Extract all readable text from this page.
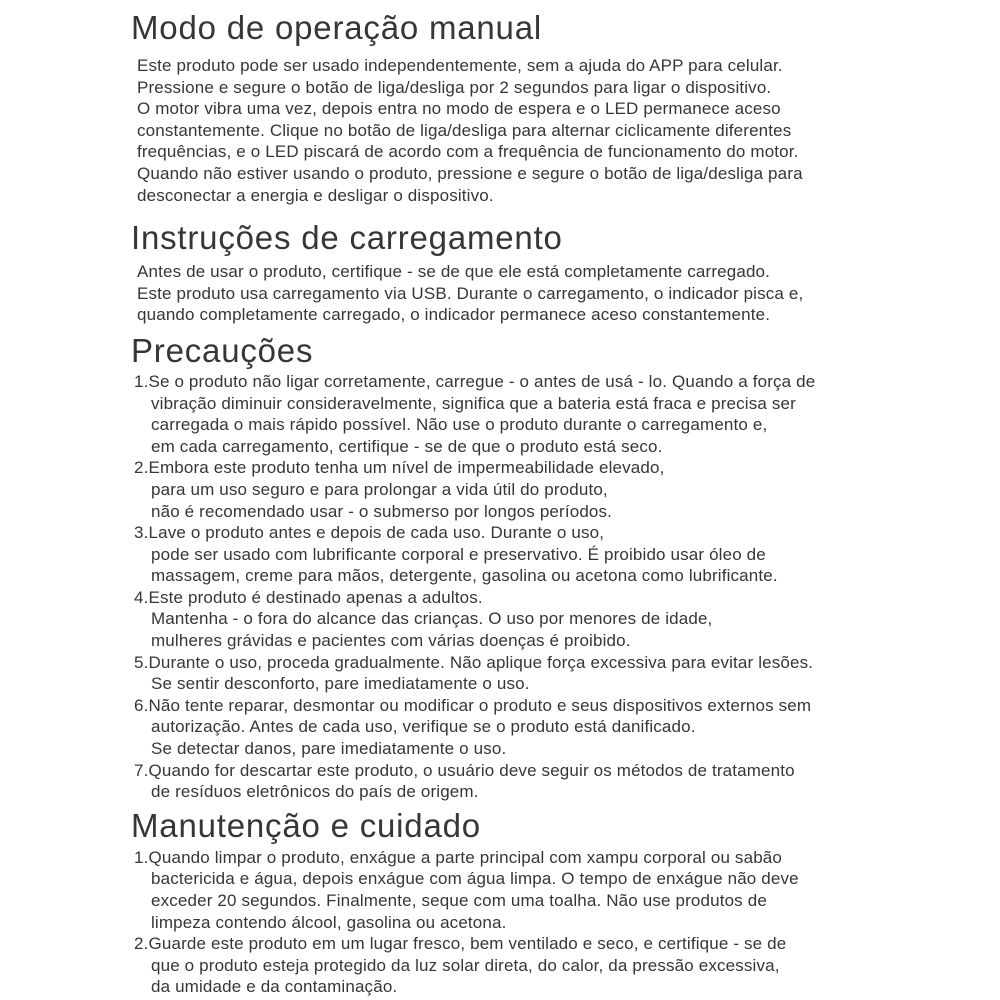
Modo de operação manual

Este produto pode ser usado independentemente, sem a ajuda do APP para celular.
Pressione e segure o botão de liga/desliga por 2 segundos para ligar o dispositivo.
O motor vibra uma vez, depois entra no modo de espera e o LED permanece aceso
constantemente. Clique no botão de liga/desliga para alternar ciclicamente diferentes
frequências, e o LED piscará de acordo com a frequência de funcionamento do motor.
Quando não estiver usando o produto, pressione e segure o botão de liga/desliga para
desconectar a energia e desligar o dispositivo.

Instruções de carregamento

Antes de usar o produto, certifique - se de que ele está completamente carregado.
Este produto usa carregamento via USB. Durante o carregamento, o indicador pisca e,
quando completamente carregado, o indicador permanece aceso constantemente.

Precauções
1.Se o produto não ligar corretamente, carregue - o antes de usá - lo. Quando a força de
vibração diminuir consideravelmente, significa que a bateria está fraca e precisa ser
carregada o mais rápido possível. Não use o produto durante o carregamento e,
em cada carregamento, certifique - se de que o produto está seco.
2.Embora este produto tenha um nível de impermeabilidade elevado,
para um uso seguro e para prolongar a vida útil do produto,
não é recomendado usar - o submerso por longos períodos.
3.Lave o produto antes e depois de cada uso. Durante o uso,
pode ser usado com lubrificante corporal e preservativo. É proibido usar óleo de
massagem, creme para mãos, detergente, gasolina ou acetona como lubrificante.
4.Este produto é destinado apenas a adultos.
Mantenha - o fora do alcance das crianças. O uso por menores de idade,
mulheres grávidas e pacientes com várias doenças é proibido.
5.Durante o uso, proceda gradualmente. Não aplique força excessiva para evitar lesões.
Se sentir desconforto, pare imediatamente o uso.
6.Não tente reparar, desmontar ou modificar o produto e seus dispositivos externos sem
autorização. Antes de cada uso, verifique se o produto está danificado.
Se detectar danos, pare imediatamente o uso.
7.Quando for descartar este produto, o usuário deve seguir os métodos de tratamento
de resíduos eletrônicos do país de origem.
Manutenção e cuidado
1.Quando limpar o produto, enxágue a parte principal com xampu corporal ou sabão
bactericida e água, depois enxágue com água limpa. O tempo de enxágue não deve
exceder 20 segundos. Finalmente, seque com uma toalha. Não use produtos de
limpeza contendo álcool, gasolina ou acetona.
2.Guarde este produto em um lugar fresco, bem ventilado e seco, e certifique - se de
que o produto esteja protegido da luz solar direta, do calor, da pressão excessiva,
da umidade e da contaminação.
